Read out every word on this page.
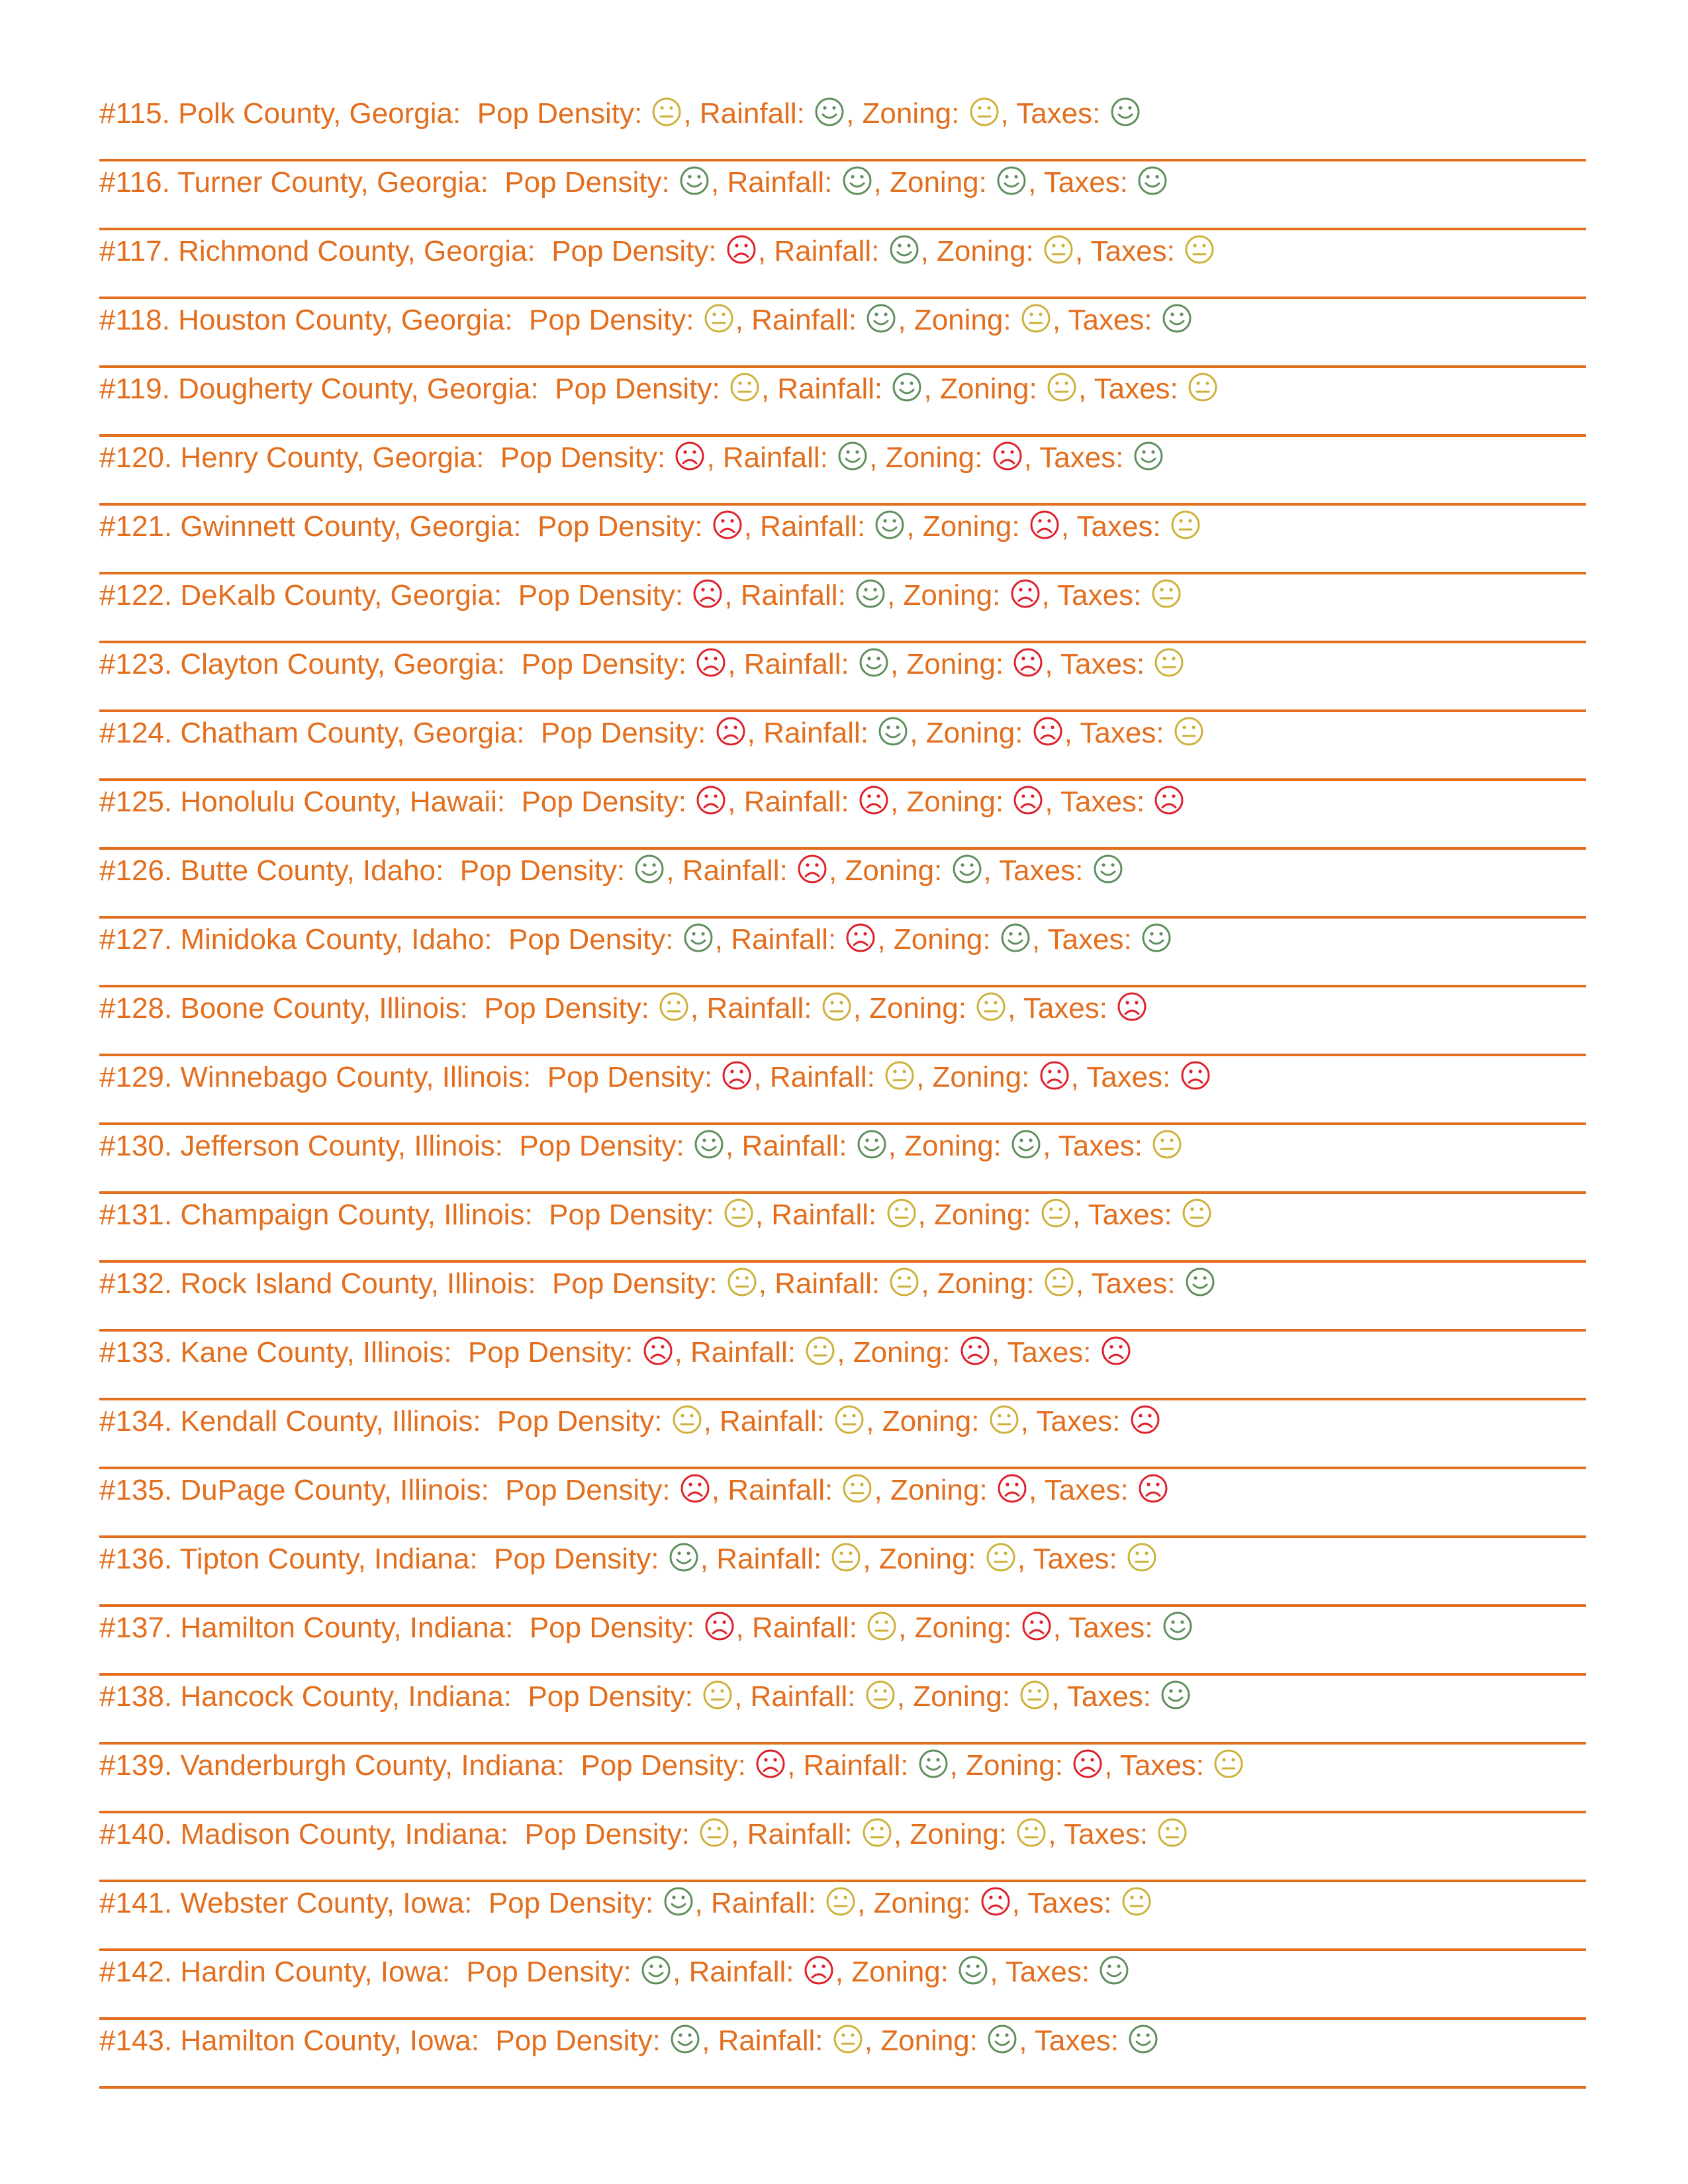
#115. Polk County, Georgia: Pop Density: , Rainfall: , Zoning: , Taxes:
#116. Turner County, Georgia: Pop Density: , Rainfall: , Zoning: , Taxes:
#117. Richmond County, Georgia: Pop Density: , Rainfall: , Zoning: , Taxes:
#118. Houston County, Georgia: Pop Density: , Rainfall: , Zoning: , Taxes:
#119. Dougherty County, Georgia: Pop Density: , Rainfall: , Zoning: , Taxes:
#120. Henry County, Georgia: Pop Density: , Rainfall: , Zoning: , Taxes:
#121. Gwinnett County, Georgia: Pop Density: , Rainfall: , Zoning: , Taxes:
#122. DeKalb County, Georgia: Pop Density: , Rainfall: , Zoning: , Taxes:
#123. Clayton County, Georgia: Pop Density: , Rainfall: , Zoning: , Taxes:
#124. Chatham County, Georgia: Pop Density: , Rainfall: , Zoning: , Taxes:
#125. Honolulu County, Hawaii: Pop Density: , Rainfall: , Zoning: , Taxes:
#126. Butte County, Idaho: Pop Density: , Rainfall: , Zoning: , Taxes:
#127. Minidoka County, Idaho: Pop Density: , Rainfall: , Zoning: , Taxes:
#128. Boone County, Illinois: Pop Density: , Rainfall: , Zoning: , Taxes:
#129. Winnebago County, Illinois: Pop Density: , Rainfall: , Zoning: , Taxes:
#130. Jefferson County, Illinois: Pop Density: , Rainfall: , Zoning: , Taxes:
#131. Champaign County, Illinois: Pop Density: , Rainfall: , Zoning: , Taxes:
#132. Rock Island County, Illinois: Pop Density: , Rainfall: , Zoning: , Taxes:
#133. Kane County, Illinois: Pop Density: , Rainfall: , Zoning: , Taxes:
#134. Kendall County, Illinois: Pop Density: , Rainfall: , Zoning: , Taxes:
#135. DuPage County, Illinois: Pop Density: , Rainfall: , Zoning: , Taxes:
#136. Tipton County, Indiana: Pop Density: , Rainfall: , Zoning: , Taxes:
#137. Hamilton County, Indiana: Pop Density: , Rainfall: , Zoning: , Taxes:
#138. Hancock County, Indiana: Pop Density: , Rainfall: , Zoning: , Taxes:
#139. Vanderburgh County, Indiana: Pop Density: , Rainfall: , Zoning: , Taxes:
#140. Madison County, Indiana: Pop Density: , Rainfall: , Zoning: , Taxes:
#141. Webster County, Iowa: Pop Density: , Rainfall: , Zoning: , Taxes:
#142. Hardin County, Iowa: Pop Density: , Rainfall: , Zoning: , Taxes:
#143. Hamilton County, Iowa: Pop Density: , Rainfall: , Zoning: , Taxes:
